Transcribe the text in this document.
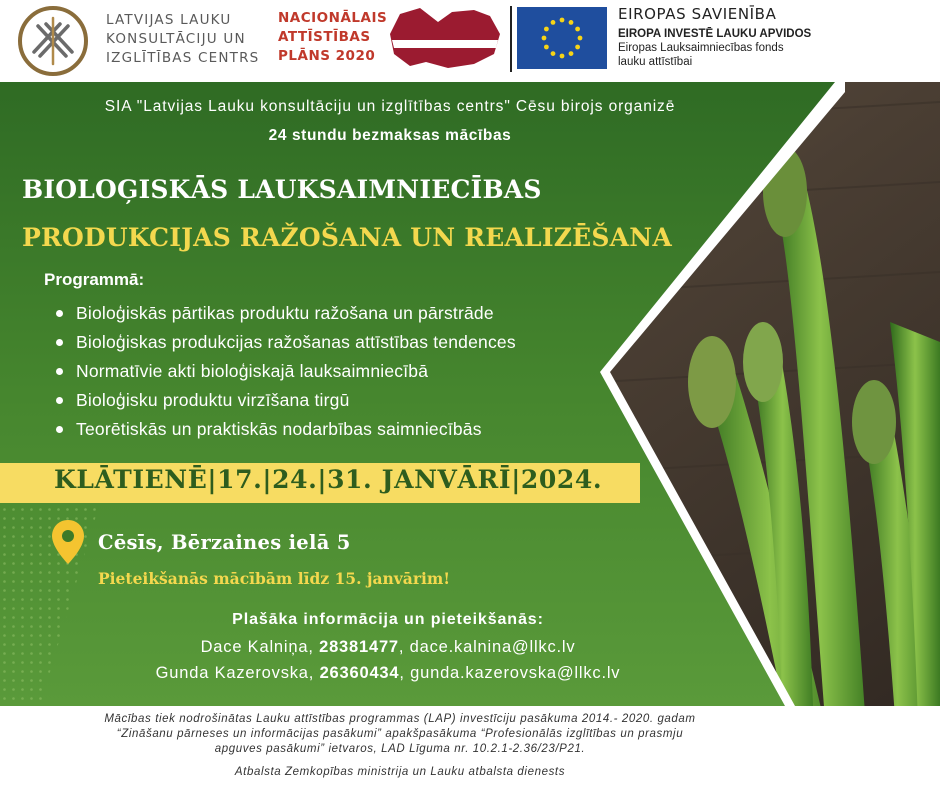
LATVIJAS LAUKU
KONSULTĀCIJU UN
IZGLĪTĪBAS CENTRS
NACIONĀLAIS
ATTĪSTĪBAS
PLĀNS 2020
EIROPAS SAVIENĪBA
EIROPA INVESTĒ LAUKU APVIDOS
Eiropas Lauksaimniecības fonds
lauku attīstībai
SIA "Latvijas Lauku konsultāciju un izglītības centrs" Cēsu birojs organizē
24 stundu bezmaksas mācības
BIOLOĢISKĀS LAUKSAIMNIECĪBAS
PRODUKCIJAS RAŽOŠANA UN REALIZĒŠANA
Programmā:
Bioloģiskās pārtikas produktu ražošana un pārstrāde
Bioloģiskas produkcijas ražošanas attīstības tendences
Normatīvie akti bioloģiskajā lauksaimniecībā
Bioloģisku produktu virzīšana tirgū
Teorētiskās un praktiskās nodarbības saimniecībās
KLĀTIENĒ|17.|24.|31. JANVĀRĪ|2024.
Cēsīs, Bērzaines ielā 5
Pieteikšanās mācībām līdz 15. janvārim!
Plašāka informācija un pieteikšanās:
Dace Kalniņa, 28381477, dace.kalnina@llkc.lv
Gunda Kazerovska, 26360434, gunda.kazerovska@llkc.lv
Mācības tiek nodrošinātas Lauku attīstības programmas (LAP) investīciju pasākuma 2014.- 2020. gadam
“Zināšanu pārneses un informācijas pasākumi” apakšpasākuma “Profesionālās izglītības un prasmju
apguves pasākumi” ietvaros, LAD Līguma nr. 10.2.1-2.36/23/P21.
Atbalsta Zemkopības ministrija un Lauku atbalsta dienests
